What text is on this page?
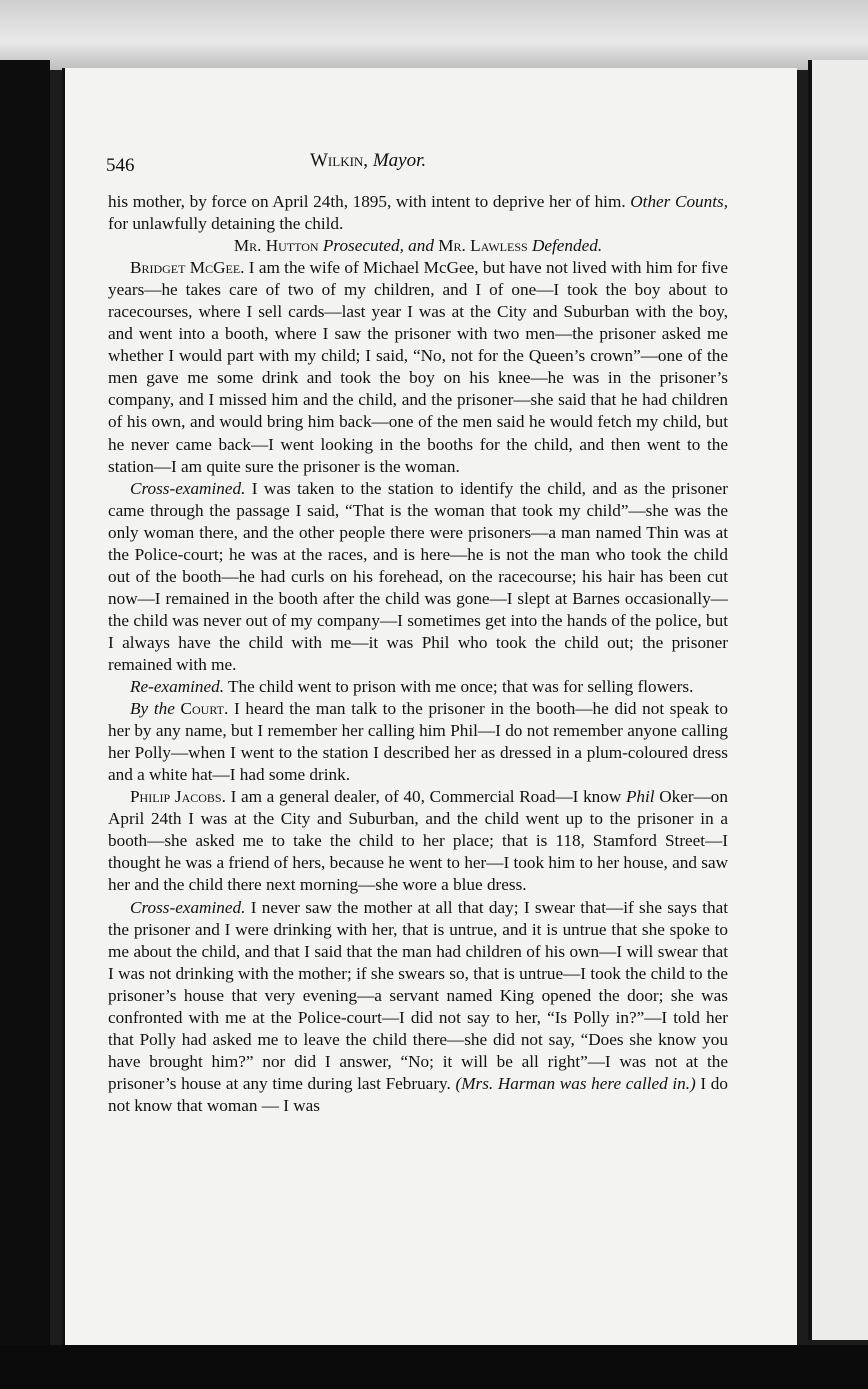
546	Wilkin, Mayor.

his mother, by force on April 24th, 1895, with intent to deprive her of him. Other Counts, for unlawfully detaining the child.

Mr. Hutton Prosecuted, and Mr. Lawless Defended.

Bridget McGee. I am the wife of Michael McGee, but have not lived with him for five years—he takes care of two of my children, and I of one—I took the boy about to racecourses, where I sell cards—last year I was at the City and Suburban with the boy, and went into a booth, where I saw the prisoner with two men—the prisoner asked me whether I would part with my child; I said, “No, not for the Queen’s crown”—one of the men gave me some drink and took the boy on his knee—he was in the prisoner’s company, and I missed him and the child, and the prisoner—she said that he had children of his own, and would bring him back—one of the men said he would fetch my child, but he never came back—I went looking in the booths for the child, and then went to the station—I am quite sure the prisoner is the woman.

Cross-examined. I was taken to the station to identify the child, and as the prisoner came through the passage I said, “That is the woman that took my child”—she was the only woman there, and the other people there were prisoners—a man named Thin was at the Police-court; he was at the races, and is here—he is not the man who took the child out of the booth—he had curls on his forehead, on the racecourse; his hair has been cut now—I remained in the booth after the child was gone—I slept at Barnes occasionally—the child was never out of my company—I sometimes get into the hands of the police, but I always have the child with me—it was Phil who took the child out; the prisoner remained with me.

Re-examined. The child went to prison with me once; that was for selling flowers.

By the Court. I heard the man talk to the prisoner in the booth—he did not speak to her by any name, but I remember her calling him Phil—I do not remember anyone calling her Polly—when I went to the station I described her as dressed in a plum-coloured dress and a white hat—I had some drink.

Philip Jacobs. I am a general dealer, of 40, Commercial Road—I know Phil Oker—on April 24th I was at the City and Suburban, and the child went up to the prisoner in a booth—she asked me to take the child to her place; that is 118, Stamford Street—I thought he was a friend of hers, because he went to her—I took him to her house, and saw her and the child there next morning—she wore a blue dress.

Cross-examined. I never saw the mother at all that day; I swear that—if she says that the prisoner and I were drinking with her, that is untrue, and it is untrue that she spoke to me about the child, and that I said that the man had children of his own—I will swear that I was not drinking with the mother; if she swears so, that is untrue—I took the child to the prisoner’s house that very evening—a servant named King opened the door; she was confronted with me at the Police-court—I did not say to her, “Is Polly in?”—I told her that Polly had asked me to leave the child there—she did not say, “Does she know you have brought him?” nor did I answer, “No; it will be all right”—I was not at the prisoner’s house at any time during last February. (Mrs. Harman was here called in.) I do not know that woman — I was
